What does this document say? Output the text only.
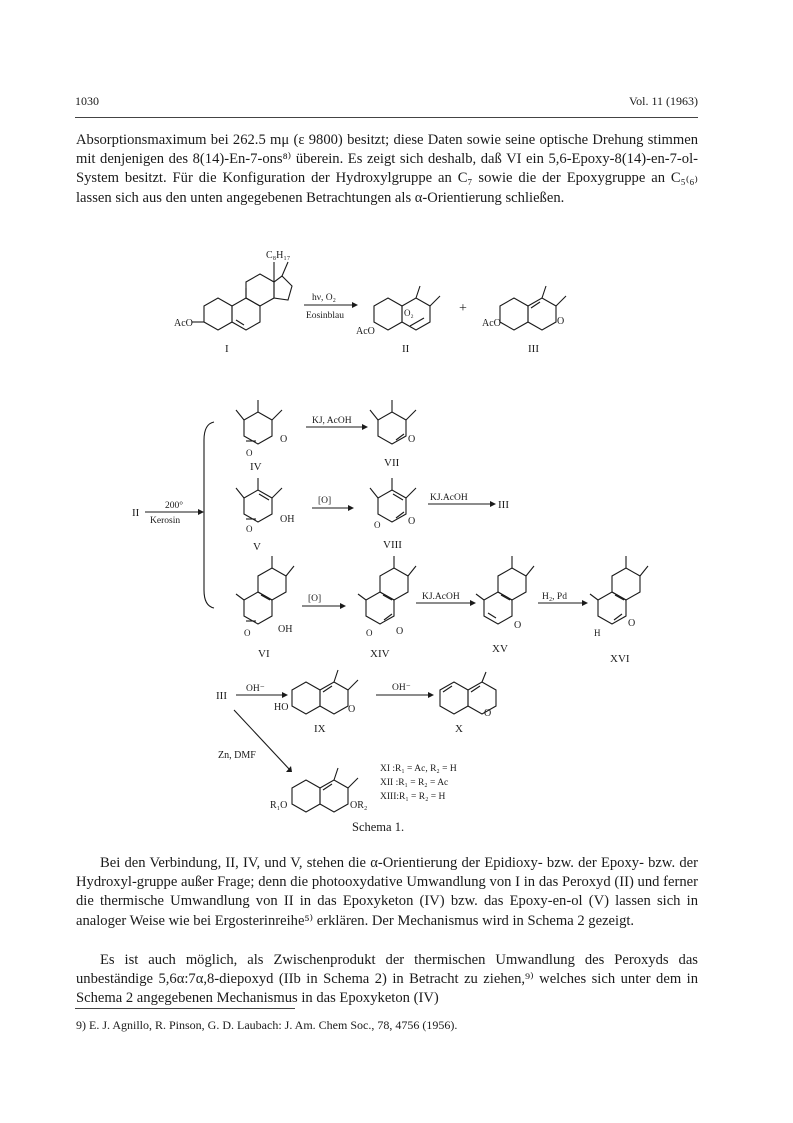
1030	Vol. 11 (1963)

Absorptionsmaximum bei 262.5 mμ (ε 9800) besitzt; diese Daten sowie seine optische Drehung stimmen mit denjenigen des 8(14)-En-7-ons⁸⁾ überein. Es zeigt sich deshalb, daß VI ein 5,6-Epoxy-8(14)-en-7-ol-System besitzt. Für die Konfiguration der Hydroxylgruppe an C₇ sowie die der Epoxygruppe an C₅₍₆₎ lassen sich aus den unten angegebenen Betrachtungen als α-Orientierung schließen.

C₈H₁₇
AcO
I
hν, O₂
Eosinblau	O₂
AcO
II
+
AcO	O
III
II
200°
Kerosin
O
O
IV
KJ, AcOH
O
VII
OH
O
V
[O]
O
O
VIII
KJ.AcOH
III
OH
O
VI
[O]
O
O
XIV
KJ.AcOH
O
XV
H₂, Pd
O
H
XVI
III
OH⁻
HO	O
IX
OH⁻
O
X
Zn, DMF
R₁O	OR₂
XI :R₁ = Ac, R₂ = H
XII :R₁ = R₂ = Ac
XIII:R₁ = R₂ = H
Schema 1.

Bei den Verbindung, II, IV, und V, stehen die α-Orientierung der Epidioxy- bzw. der Epoxy- bzw. der Hydroxyl-gruppe außer Frage; denn die photooxydative Umwandlung von I in das Peroxyd (II) und ferner die thermische Umwandlung von II in das Epoxyketon (IV) bzw. das Epoxy-en-ol (V) lassen sich in analoger Weise wie bei Ergosterinreihe⁵⁾ erklären. Der Mechanismus wird in Schema 2 gezeigt.

Es ist auch möglich, als Zwischenprodukt der thermischen Umwandlung des Peroxyds das unbeständige 5,6α:7α,8-diepoxyd (IIb in Schema 2) in Betracht zu ziehen,⁹⁾ welches sich unter dem in Schema 2 angegebenen Mechanismus in das Epoxyketon (IV)

9) E. J. Agnillo, R. Pinson, G. D. Laubach: J. Am. Chem Soc., 78, 4756 (1956).
